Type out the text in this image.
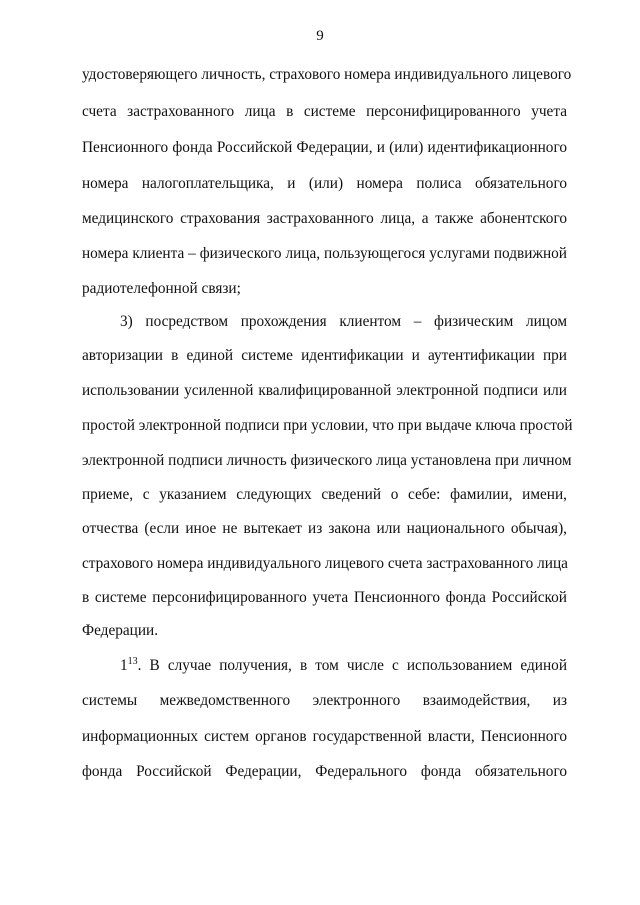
9
удостоверяющего личность, страхового номера индивидуального лицевого
счета застрахованного лица в системе персонифицированного учета
Пенсионного фонда Российской Федерации, и (или) идентификационного
номера налогоплательщика, и (или) номера полиса обязательного
медицинского страхования застрахованного лица, а также абонентского
номера клиента – физического лица, пользующегося услугами подвижной
радиотелефонной связи;
3) посредством прохождения клиентом – физическим лицом
авторизации в единой системе идентификации и аутентификации при
использовании усиленной квалифицированной электронной подписи или
простой электронной подписи при условии, что при выдаче ключа простой
электронной подписи личность физического лица установлена при личном
приеме, с указанием следующих сведений о себе: фамилии, имени,
отчества (если иное не вытекает из закона или национального обычая),
страхового номера индивидуального лицевого счета застрахованного лица
в системе персонифицированного учета Пенсионного фонда Российской
Федерации.
$1^{13}$. В случае получения, в том числе с использованием единой
системы межведомственного электронного взаимодействия, из
информационных систем органов государственной власти, Пенсионного
фонда Российской Федерации, Федерального фонда обязательного
